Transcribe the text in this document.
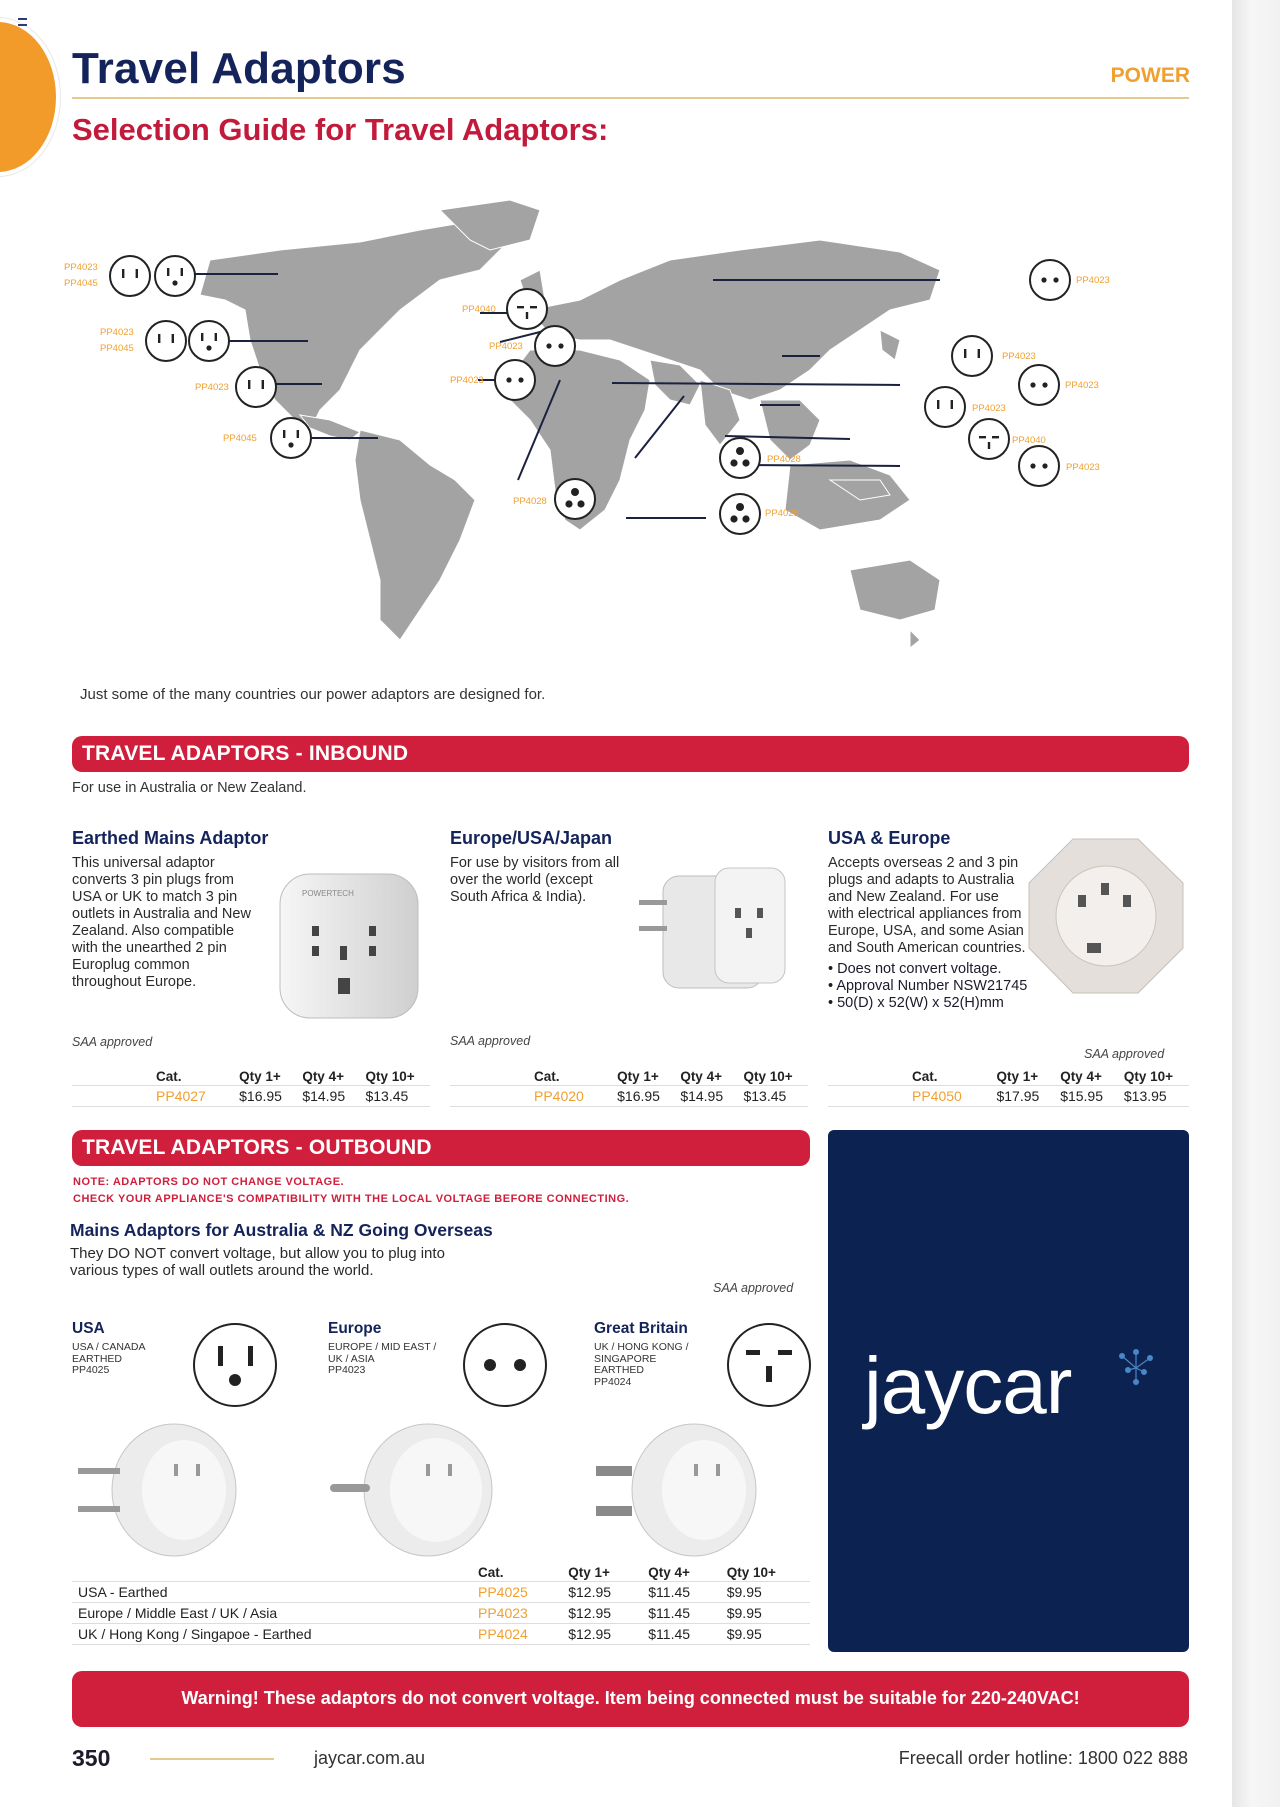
Travel Adaptors	POWER
Selection Guide for Travel Adaptors:
PP4023
PP4045
PP4023
PP4045
PP4023
PP4045
PP4040
PP4023
PP4023
PP4028
PP4028
PP4028
PP4023
PP4023
PP4023
PP4023
PP4040
PP4023
Just some of the many countries our power adaptors are designed for.
TRAVEL ADAPTORS - INBOUND
For use in Australia or New Zealand.
Earthed Mains Adaptor

This universal adaptor converts 3 pin plugs from USA or UK to match 3 pin outlets in Australia and New Zealand. Also compatible with the unearthed 2 pin Europlug common throughout Europe.

POWERTECH
SAA approved
Cat.	Qty 1+	Qty 4+	Qty 10+
PP4027	$16.95	$14.95	$13.45
Europe/USA/Japan

For use by visitors from all over the world (except South Africa & India).

SAA approved
Cat.	Qty 1+	Qty 4+	Qty 10+
PP4020	$16.95	$14.95	$13.45
USA & Europe

Accepts overseas 2 and 3 pin plugs and adapts to Australia and New Zealand. For use with electrical appliances from Europe, USA, and some Asian and South American countries.

• Does not convert voltage.
• Approval Number NSW21745
• 50(D) x 52(W) x 52(H)mm
SAA approved
Cat.	Qty 1+	Qty 4+	Qty 10+
PP4050	$17.95	$15.95	$13.95
TRAVEL ADAPTORS - OUTBOUND
NOTE: ADAPTORS DO NOT CHANGE VOLTAGE.
CHECK YOUR APPLIANCE'S COMPATIBILITY WITH THE LOCAL VOLTAGE BEFORE CONNECTING.
Mains Adaptors for Australia & NZ Going Overseas
They DO NOT convert voltage, but allow you to plug into various types of wall outlets around the world.
SAA approved
USA
USA / CANADA
EARTHED
PP4025
Europe
EUROPE / MID EAST /
UK / ASIA
PP4023
Great Britain
UK / HONG KONG /
SINGAPORE
EARTHED
PP4024
	Cat.	Qty 1+	Qty 4+	Qty 10+
USA - Earthed	PP4025	$12.95	$11.45	$9.95
Europe / Middle East / UK / Asia	PP4023	$12.95	$11.45	$9.95
UK / Hong Kong / Singapoe - Earthed	PP4024	$12.95	$11.45	$9.95
jaycar
Warning! These adaptors do not convert voltage. Item being connected must be suitable for 220-240VAC!
350	jaycar.com.au	Freecall order hotline: 1800 022 888
